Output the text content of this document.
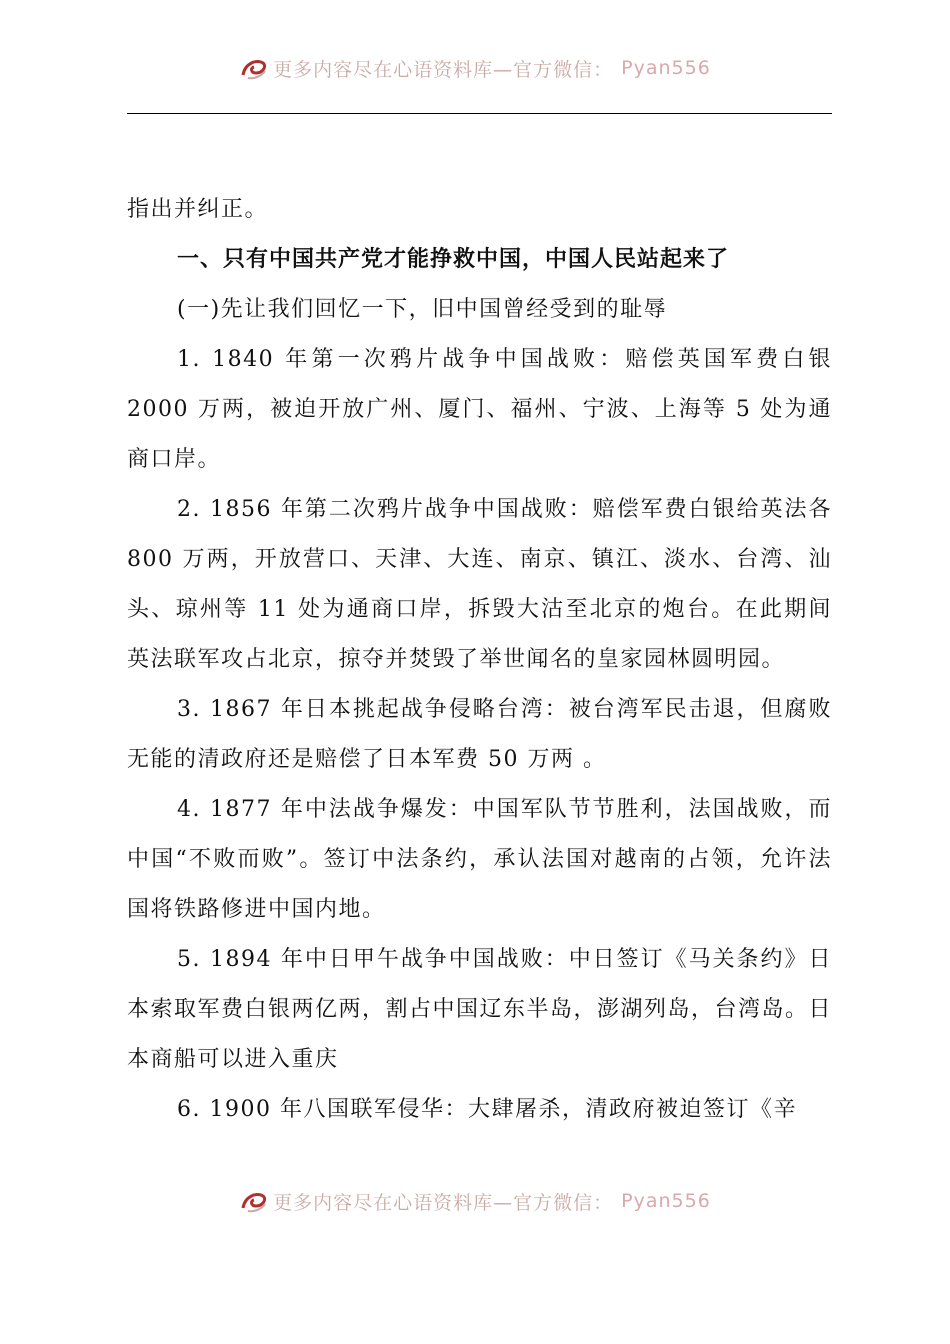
更多内容尽在心语资料库—官方微信： Pyan556

指出并纠正。

一、只有中国共产党才能挣救中国，中国人民站起来了

(一)先让我们回忆一下，旧中国曾经受到的耻辱

1. 1840 年第一次鸦片战争中国战败：赔偿英国军费白银 2000 万两，被迫开放广州、厦门、福州、宁波、上海等 5 处为通商口岸。

2. 1856 年第二次鸦片战争中国战败：赔偿军费白银给英法各 800 万两，开放营口、天津、大连、南京、镇江、淡水、台湾、汕头、琼州等 11 处为通商口岸，拆毁大沽至北京的炮台。在此期间英法联军攻占北京，掠夺并焚毁了举世闻名的皇家园林圆明园。

3. 1867 年日本挑起战争侵略台湾：被台湾军民击退，但腐败无能的清政府还是赔偿了日本军费 50 万两 。

4. 1877 年中法战争爆发：中国军队节节胜利，法国战败，而中国“不败而败”。签订中法条约，承认法国对越南的占领，允许法国将铁路修进中国内地。

5. 1894 年中日甲午战争中国战败：中日签订《马关条约》日本索取军费白银两亿两，割占中国辽东半岛，澎湖列岛，台湾岛。日本商船可以进入重庆

6. 1900 年八国联军侵华：大肆屠杀，清政府被迫签订《辛

更多内容尽在心语资料库—官方微信： Pyan556
